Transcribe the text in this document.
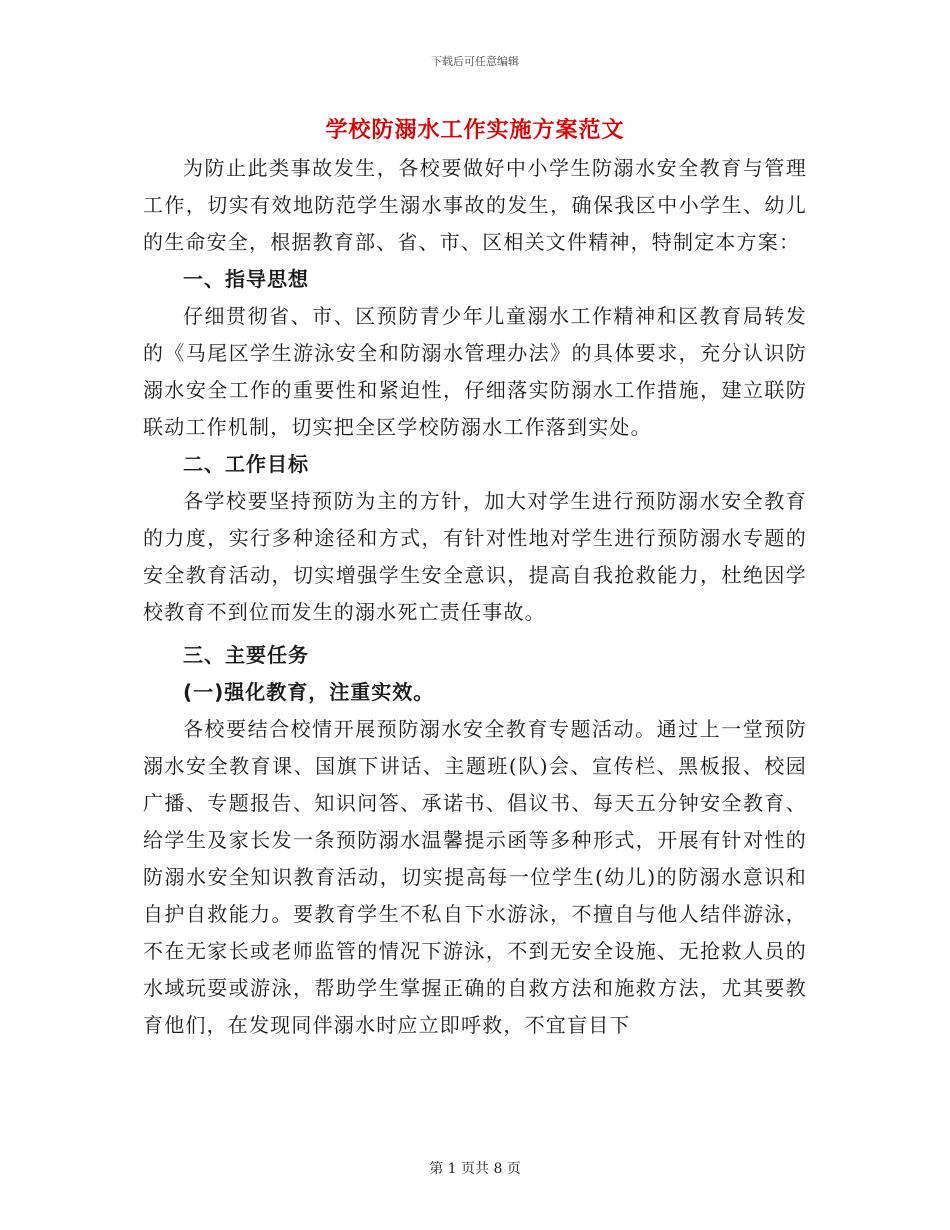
下载后可任意编辑
学校防溺水工作实施方案范文

为防止此类事故发生，各校要做好中小学生防溺水安全教育与管理工作，切实有效地防范学生溺水事故的发生，确保我区中小学生、幼儿的生命安全，根据教育部、省、市、区相关文件精神，特制定本方案：

一、指导思想

仔细贯彻省、市、区预防青少年儿童溺水工作精神和区教育局转发的《马尾区学生游泳安全和防溺水管理办法》的具体要求，充分认识防溺水安全工作的重要性和紧迫性，仔细落实防溺水工作措施，建立联防联动工作机制，切实把全区学校防溺水工作落到实处。

二、工作目标

各学校要坚持预防为主的方针，加大对学生进行预防溺水安全教育的力度，实行多种途径和方式，有针对性地对学生进行预防溺水专题的安全教育活动，切实增强学生安全意识，提高自我抢救能力，杜绝因学校教育不到位而发生的溺水死亡责任事故。

三、主要任务

(一)强化教育，注重实效。

各校要结合校情开展预防溺水安全教育专题活动。通过上一堂预防溺水安全教育课、国旗下讲话、主题班(队)会、宣传栏、黑板报、校园广播、专题报告、知识问答、承诺书、倡议书、每天五分钟安全教育、给学生及家长发一条预防溺水温馨提示函等多种形式，开展有针对性的防溺水安全知识教育活动，切实提高每一位学生(幼儿)的防溺水意识和自护自救能力。要教育学生不私自下水游泳，不擅自与他人结伴游泳，不在无家长或老师监管的情况下游泳，不到无安全设施、无抢救人员的水域玩耍或游泳，帮助学生掌握正确的自救方法和施救方法，尤其要教育他们，在发现同伴溺水时应立即呼救，不宜盲目下

第 1 页共 8 页
